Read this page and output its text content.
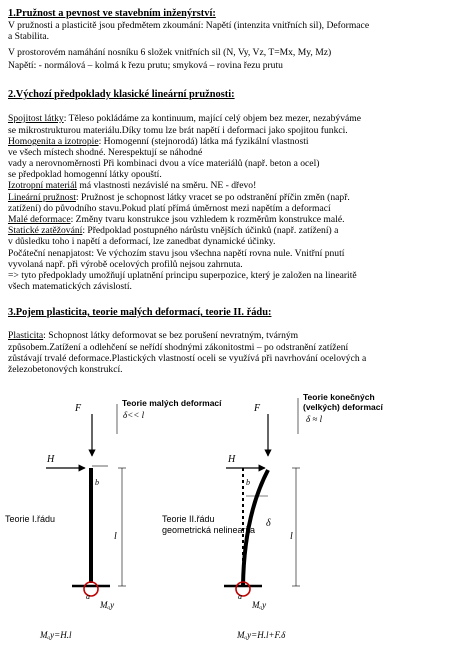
1.Pružnost a pevnost ve stavebním inženýrství:
V pružnosti a plasticitě jsou předmětem zkoumání: Napětí (intenzita vnitřních sil), Deformace
a Stabilita.
V prostorovém namáhání nosníku 6 složek vnitřních sil (N, Vy, Vz, T=Mx, My, Mz)
Napětí: - normálová – kolmá k řezu prutu; smyková – rovina řezu prutu
2.Výchozí předpoklady klasické lineární pružnosti:
Spojitost látky: Těleso pokládáme za kontinuum, mající celý objem bez mezer, nezabýváme
se mikrostrukturou materiálu.Díky tomu lze brát napětí i deformaci jako spojitou funkci.
Homogenita a izotropie: Homogenní (stejnorodá) látka má fyzikální vlastnosti
ve všech místech shodné. Nerespektují se náhodné
vady a nerovnoměrnosti Při kombinaci dvou a více materiálů (např. beton a ocel)
se předpoklad homogenní látky opouští.
Izotropní materiál má vlastnosti nezávislé na směru. NE - dřevo!
Lineární pružnost: Pružnost je schopnost látky vracet se po odstranění příčin změn (např.
zatížení) do původního stavu.Pokud platí přímá úměrnost mezi napětím a deformací
Malé deformace: Změny tvaru konstrukce jsou vzhledem k rozměrům konstrukce malé.
Statické zatěžování: Předpoklad postupného nárůstu vnějších účinků (např. zatížení) a
v důsledku toho i napětí a deformací, lze zanedbat dynamické účinky.
Počáteční nenapjatost: Ve výchozím stavu jsou všechna napětí rovna nule. Vnitřní pnutí
vyvolaná např. při výrobě ocelových profilů nejsou zahrnuta.
=> tyto předpoklady umožňují uplatnění principu superpozice, který je založen na linearitě
všech matematických závislostí.
3.Pojem plasticita, teorie malých deformací, teorie II. řádu:
Plasticita: Schopnost látky deformovat se bez porušení nevratným, tvárným
způsobem.Zatížení a odlehčení se neřídí shodnými zákonitostmi – po odstranění zatížení
zůstávají trvalé deformace.Plastických vlastností oceli se využívá při navrhování ocelových a
železobetonových konstrukcí.
F
H
b
l
a
Mₐy
Teorie I.řádu
Teorie malých deformací
δ<< l
Mₐy=H.l
F
H
b
δ
l
a
Mₐy
Teorie II.řádu
geometrická nelinearita
Teorie konečných
(velkých) deformací
δ ≈ l
Mₐy=H.l+F.δ
